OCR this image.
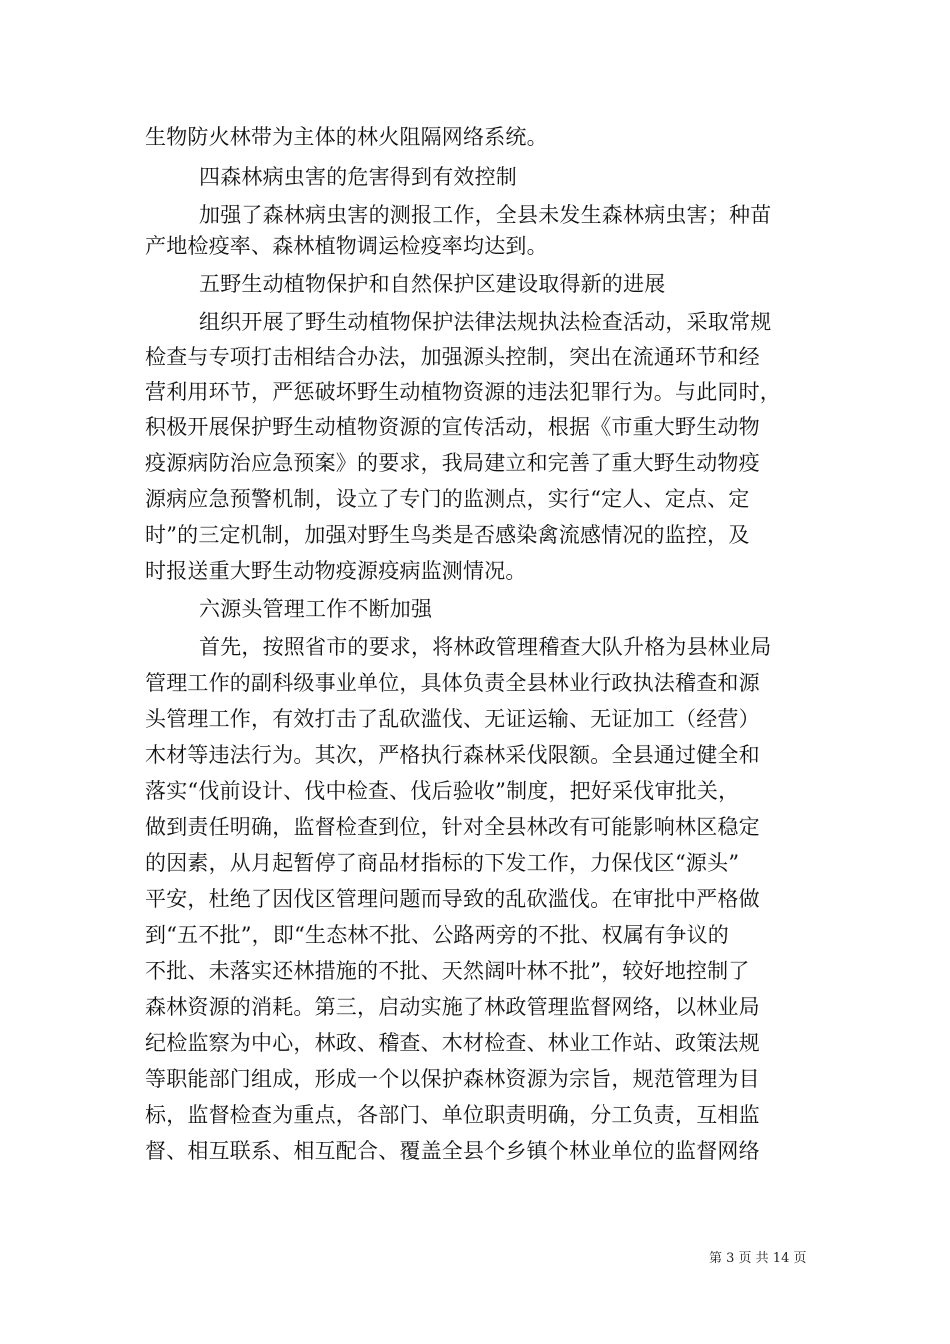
生物防火林带为主体的林火阻隔网络系统。
四森林病虫害的危害得到有效控制
加强了森林病虫害的测报工作，全县未发生森林病虫害；种苗
产地检疫率、森林植物调运检疫率均达到。
五野生动植物保护和自然保护区建设取得新的进展
组织开展了野生动植物保护法律法规执法检查活动，采取常规
检查与专项打击相结合办法，加强源头控制，突出在流通环节和经
营利用环节，严惩破坏野生动植物资源的违法犯罪行为。与此同时，
积极开展保护野生动植物资源的宣传活动，根据《市重大野生动物
疫源病防治应急预案》的要求，我局建立和完善了重大野生动物疫
源病应急预警机制，设立了专门的监测点，实行“定人、定点、定
时”的三定机制，加强对野生鸟类是否感染禽流感情况的监控，及
时报送重大野生动物疫源疫病监测情况。
六源头管理工作不断加强
首先，按照省市的要求，将林政管理稽查大队升格为县林业局
管理工作的副科级事业单位，具体负责全县林业行政执法稽查和源
头管理工作，有效打击了乱砍滥伐、无证运输、无证加工（经营）
木材等违法行为。其次，严格执行森林采伐限额。全县通过健全和
落实“伐前设计、伐中检查、伐后验收”制度，把好采伐审批关，
做到责任明确，监督检查到位，针对全县林改有可能影响林区稳定
的因素，从月起暂停了商品材指标的下发工作，力保伐区“源头”
平安，杜绝了因伐区管理问题而导致的乱砍滥伐。在审批中严格做
到“五不批”，即“生态林不批、公路两旁的不批、权属有争议的
不批、未落实还林措施的不批、天然阔叶林不批”，较好地控制了
森林资源的消耗。第三，启动实施了林政管理监督网络，以林业局
纪检监察为中心，林政、稽查、木材检查、林业工作站、政策法规
等职能部门组成，形成一个以保护森林资源为宗旨，规范管理为目
标，监督检查为重点，各部门、单位职责明确，分工负责，互相监
督、相互联系、相互配合、覆盖全县个乡镇个林业单位的监督网络
第 3 页 共 14 页
